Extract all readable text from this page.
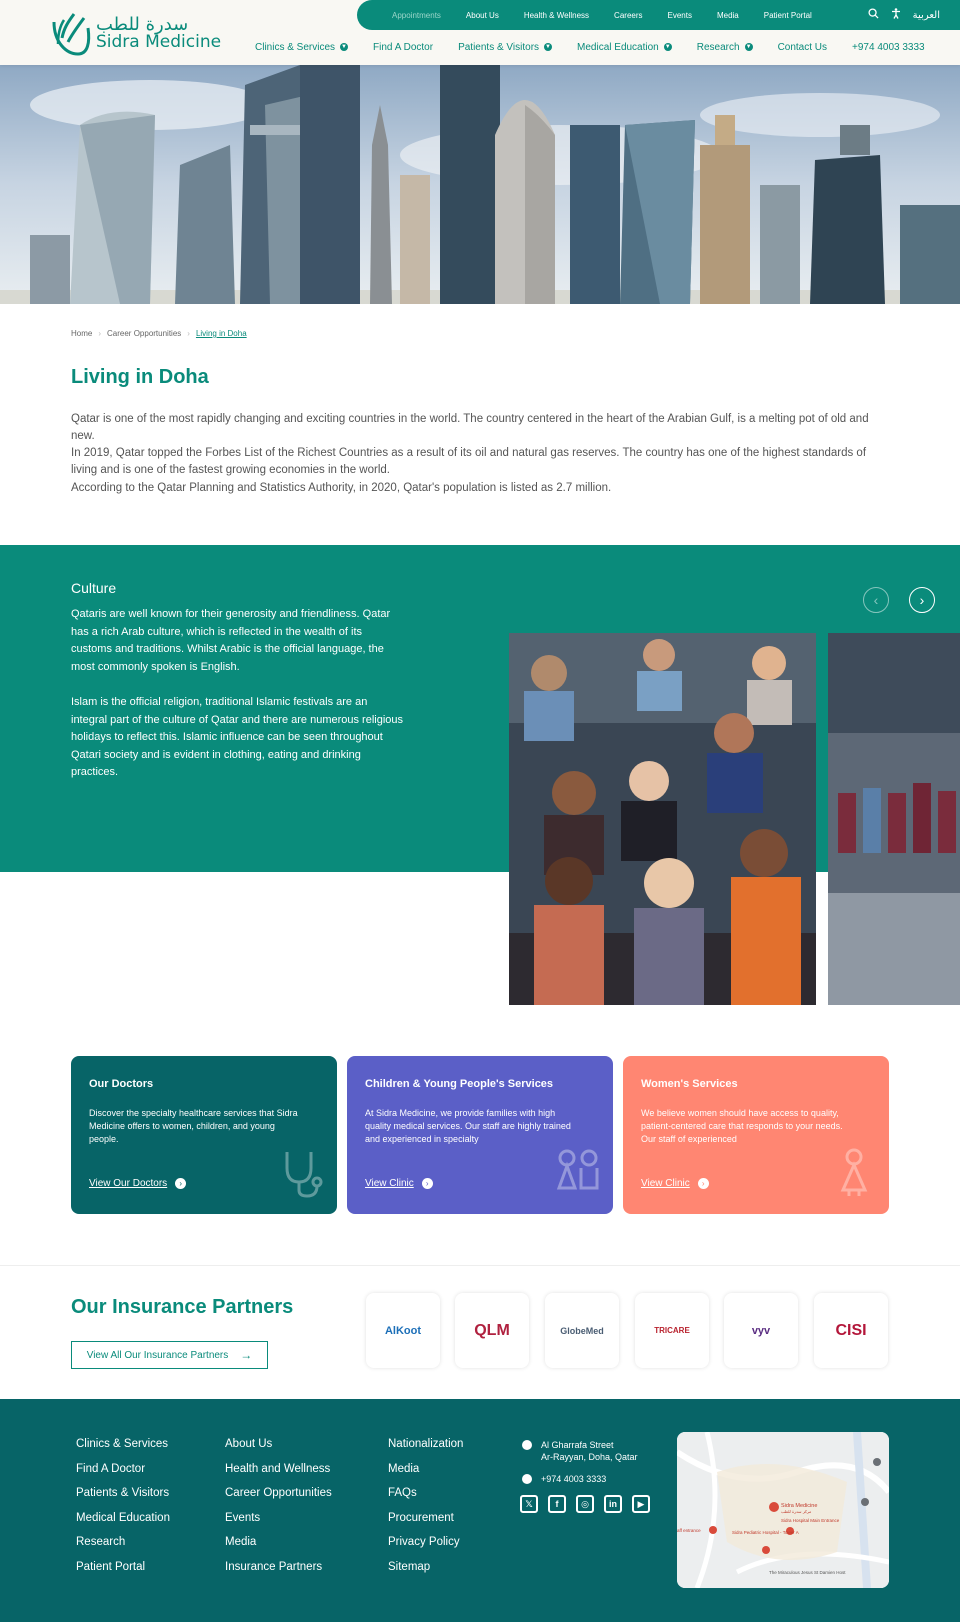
سدرة للطب
Sidra Medicine
Appointments	About Us	Health & Wellness	Careers	Events	Media	Patient Portal	العربية
Clinics & Services ▼	Find A Doctor	Patients & Visitors ▼	Medical Education ▼	Research ▼	Contact Us	+974 4003 3333
Home › Career Opportunities › Living in Doha
Living in Doha

Qatar is one of the most rapidly changing and exciting countries in the world. The country centered in the heart of the Arabian Gulf, is a melting pot of old and new.

In 2019, Qatar topped the Forbes List of the Richest Countries as a result of its oil and natural gas reserves. The country has one of the highest standards of living and is one of the fastest growing economies in the world.

According to the Qatar Planning and Statistics Authority, in 2020, Qatar's population is listed as 2.7 million.

Culture

Qataris are well known for their generosity and friendliness. Qatar has a rich Arab culture, which is reflected in the wealth of its customs and traditions. Whilst Arabic is the official language, the most commonly spoken is English.

Islam is the official religion, traditional Islamic festivals are an integral part of the culture of Qatar and there are numerous religious holidays to reflect this. Islamic influence can be seen throughout Qatari society and is evident in clothing, eating and drinking practices.

‹	›
Our Doctors
Discover the specialty healthcare services that Sidra Medicine offers to women, children, and young people.
View Our Doctors	›
Children & Young People's Services
At Sidra Medicine, we provide families with high quality medical services. Our staff are highly trained and experienced in specialty
View Clinic	›
Women's Services
We believe women should have access to quality, patient-centered care that responds to your needs. Our staff of experienced
View Clinic	›
Our Insurance Partners
View All Our Insurance Partners →
AlKoot	QLM	GlobeMed	TRICARE	vyv	CISI
Clinics & Services
Find A Doctor
Patients & Visitors
Medical Education
Research
Patient Portal
About Us
Health and Wellness
Career Opportunities
Events
Media
Insurance Partners
Nationalization
Media
FAQs
Procurement
Privacy Policy
Sitemap
Al Gharrafa Street
Ar-Rayyan, Doha, Qatar
+974 4003 3333
𝕏	f	◎	in	▶	Sidra Medicine
مركز سدرة للطب
Sidra Hospital Main Entrance
Sidra Pediatric Hospital - Tower A
aff entrance
The Miraculous Jesus St Damien Host
